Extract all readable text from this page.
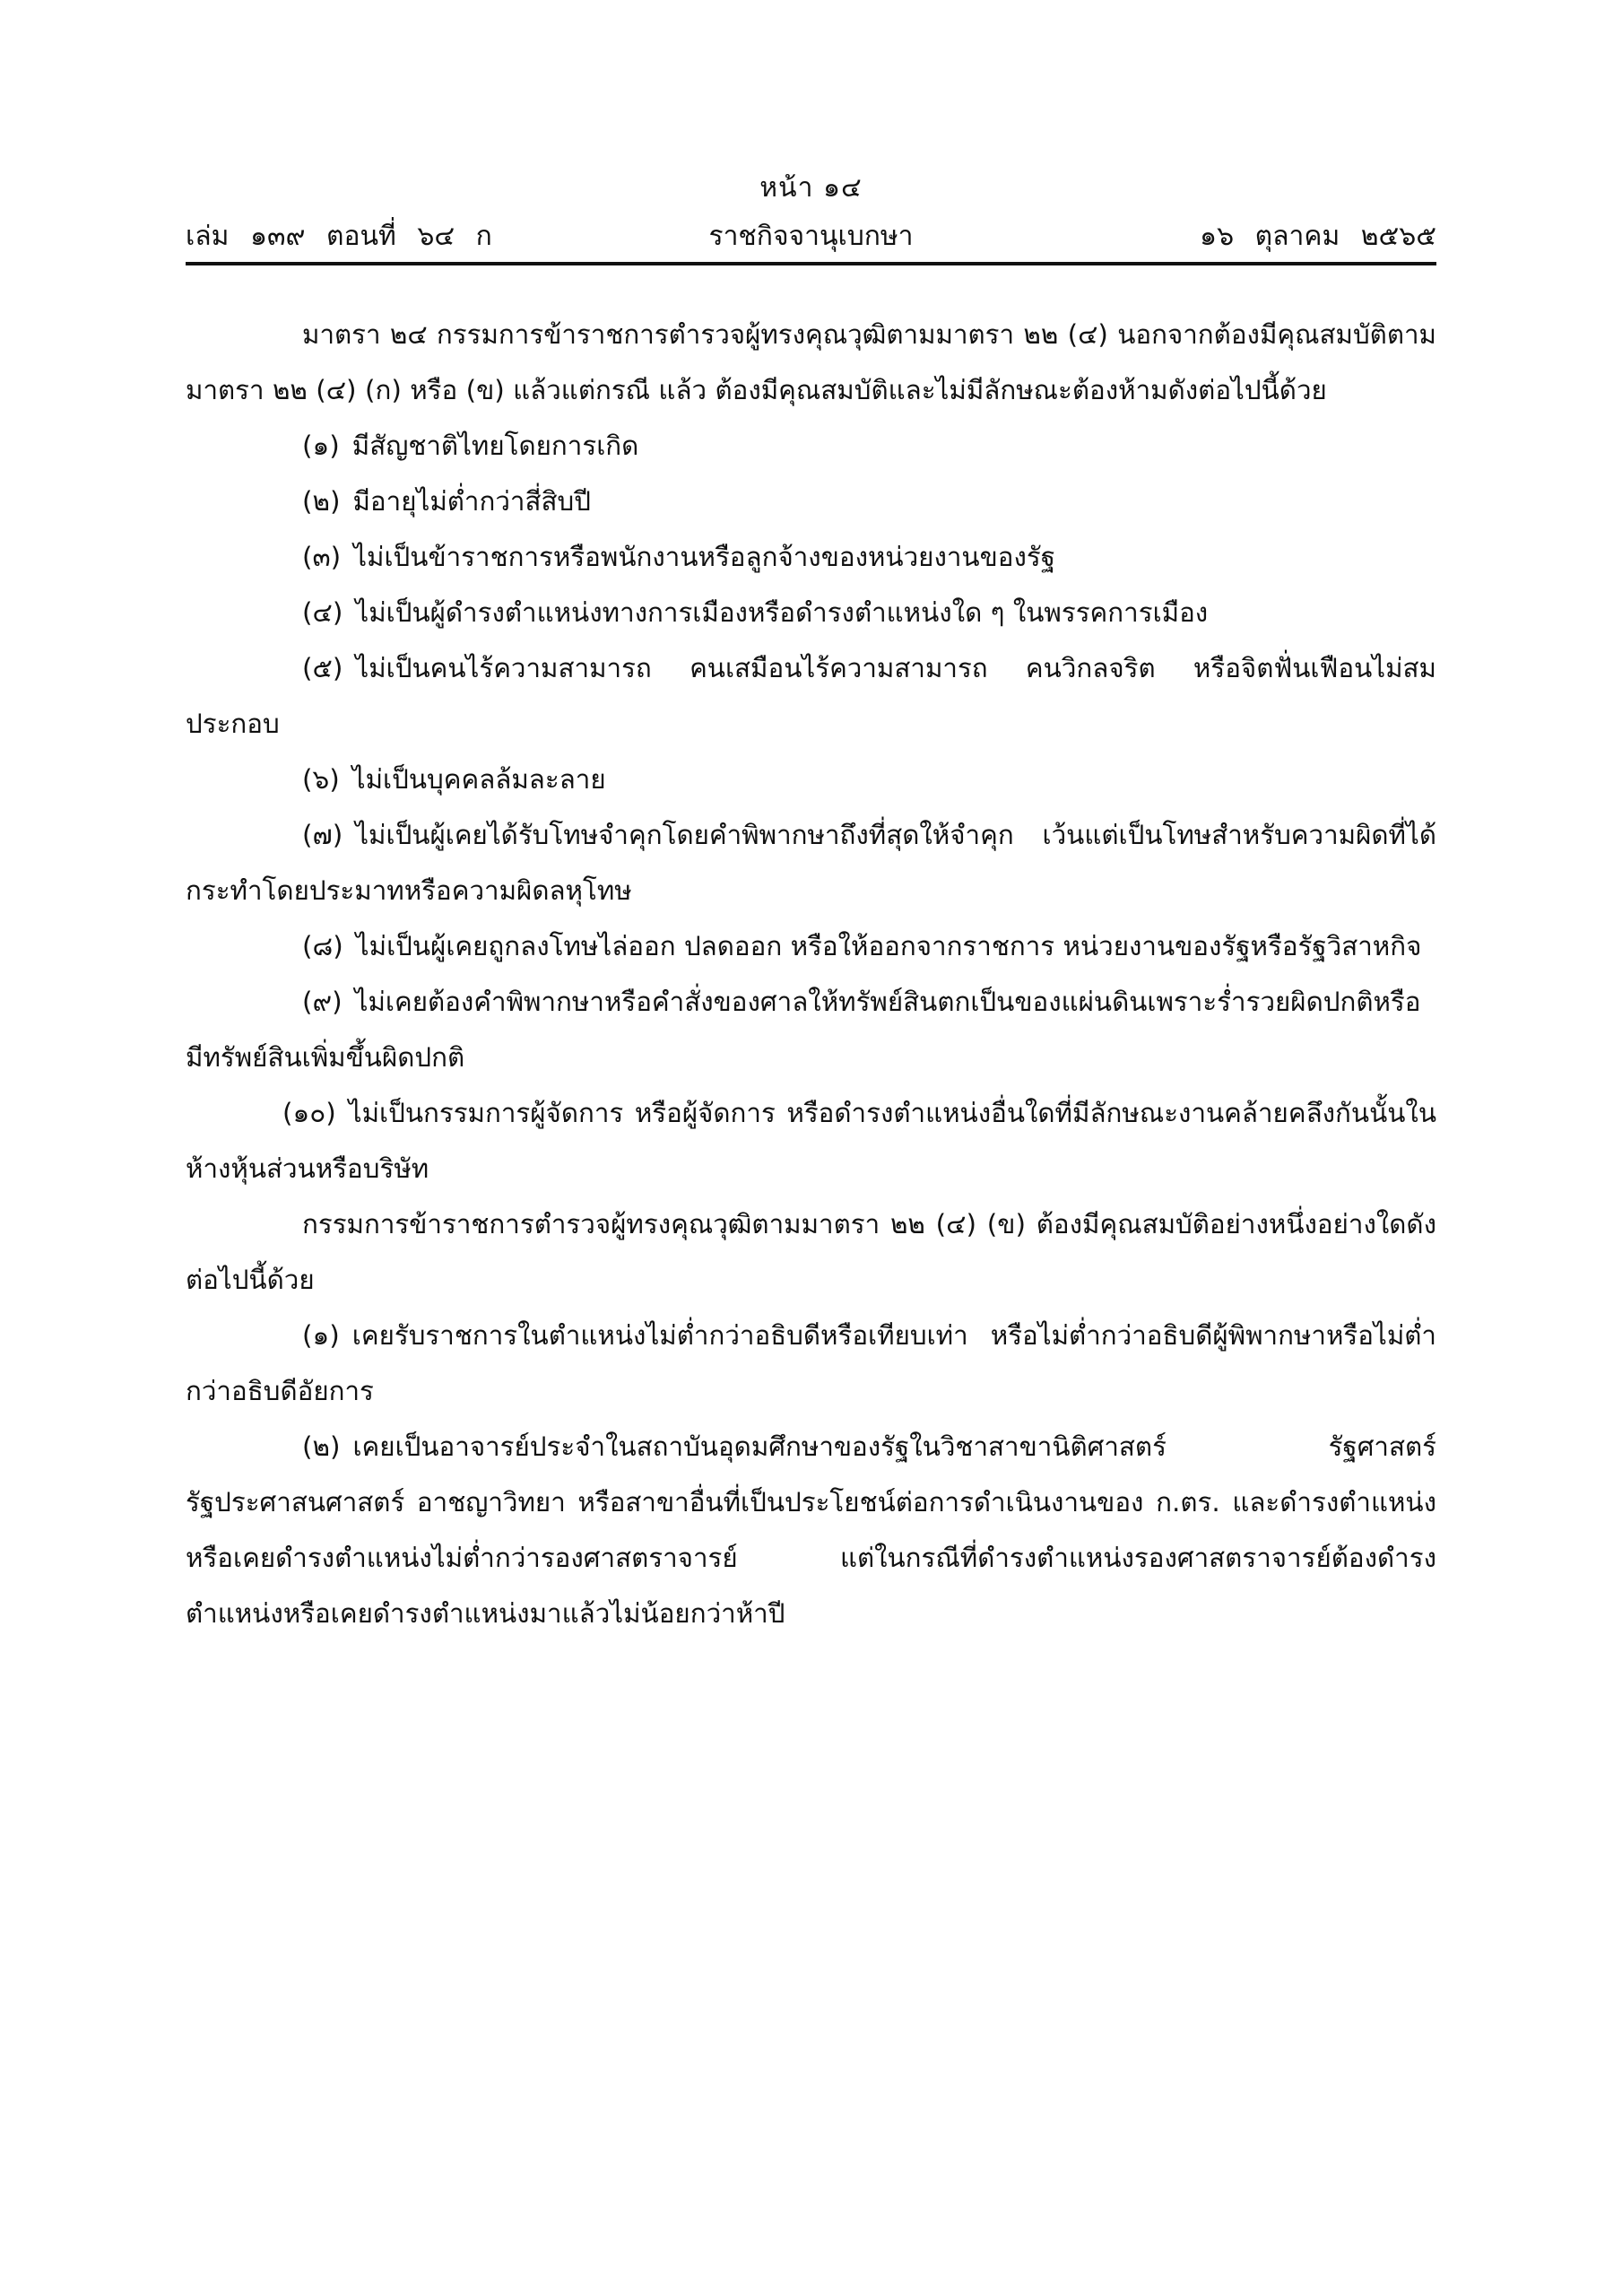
หน้า ๑๔
เล่ม ๑๓๙ ตอนที่ ๖๔ ก	ราชกิจจานุเบกษา	๑๖ ตุลาคม ๒๕๖๕

มาตรา ๒๔ กรรมการข้าราชการตำรวจผู้ทรงคุณวุฒิตามมาตรา ๒๒ (๔) นอกจากต้องมีคุณสมบัติตามมาตรา ๒๒ (๔) (ก) หรือ (ข) แล้วแต่กรณี แล้ว ต้องมีคุณสมบัติและไม่มีลักษณะต้องห้ามดังต่อไปนี้ด้วย

(๑) มีสัญชาติไทยโดยการเกิด

(๒) มีอายุไม่ต่ำกว่าสี่สิบปี

(๓) ไม่เป็นข้าราชการหรือพนักงานหรือลูกจ้างของหน่วยงานของรัฐ

(๔) ไม่เป็นผู้ดำรงตำแหน่งทางการเมืองหรือดำรงตำแหน่งใด ๆ ในพรรคการเมือง

(๕) ไม่เป็นคนไร้ความสามารถ คนเสมือนไร้ความสามารถ คนวิกลจริต หรือจิตฟั่นเฟือนไม่สมประกอบ

(๖) ไม่เป็นบุคคลล้มละลาย

(๗) ไม่เป็นผู้เคยได้รับโทษจำคุกโดยคำพิพากษาถึงที่สุดให้จำคุก เว้นแต่เป็นโทษสำหรับความผิดที่ได้กระทำโดยประมาทหรือความผิดลหุโทษ

(๘) ไม่เป็นผู้เคยถูกลงโทษไล่ออก ปลดออก หรือให้ออกจากราชการ หน่วยงานของรัฐหรือรัฐวิสาหกิจ

(๙) ไม่เคยต้องคำพิพากษาหรือคำสั่งของศาลให้ทรัพย์สินตกเป็นของแผ่นดินเพราะร่ำรวยผิดปกติหรือมีทรัพย์สินเพิ่มขึ้นผิดปกติ

(๑๐) ไม่เป็นกรรมการผู้จัดการ หรือผู้จัดการ หรือดำรงตำแหน่งอื่นใดที่มีลักษณะงานคล้ายคลึงกันนั้นในห้างหุ้นส่วนหรือบริษัท

กรรมการข้าราชการตำรวจผู้ทรงคุณวุฒิตามมาตรา ๒๒ (๔) (ข) ต้องมีคุณสมบัติอย่างหนึ่งอย่างใดดังต่อไปนี้ด้วย

(๑) เคยรับราชการในตำแหน่งไม่ต่ำกว่าอธิบดีหรือเทียบเท่า หรือไม่ต่ำกว่าอธิบดีผู้พิพากษาหรือไม่ต่ำกว่าอธิบดีอัยการ

(๒) เคยเป็นอาจารย์ประจำในสถาบันอุดมศึกษาของรัฐในวิชาสาขานิติศาสตร์ รัฐศาสตร์รัฐประศาสนศาสตร์ อาชญาวิทยา หรือสาขาอื่นที่เป็นประโยชน์ต่อการดำเนินงานของ ก.ตร. และดำรงตำแหน่งหรือเคยดำรงตำแหน่งไม่ต่ำกว่ารองศาสตราจารย์ แต่ในกรณีที่ดำรงตำแหน่งรองศาสตราจารย์ต้องดำรงตำแหน่งหรือเคยดำรงตำแหน่งมาแล้วไม่น้อยกว่าห้าปี
